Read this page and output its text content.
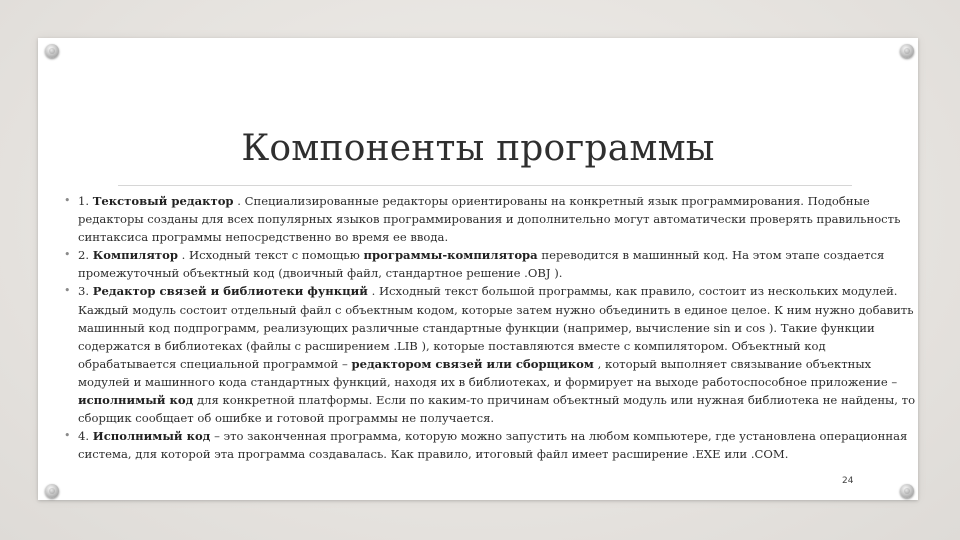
Компоненты программы

• 1. Текстовый редактор . Специализированные редакторы ориентированы на конкретный язык программирования. Подобные редакторы созданы для всех популярных языков программирования и дополнительно могут автоматически проверять правильность синтаксиса программы непосредственно во время ее ввода.

• 2. Компилятор . Исходный текст с помощью программы-компилятора переводится в машинный код. На этом этапе создается промежуточный объектный код (двоичный файл, стандартное решение .OBJ ).

• 3. Редактор связей и библиотеки функций . Исходный текст большой программы, как правило, состоит из нескольких модулей. Каждый модуль состоит отдельный файл с объектным кодом, которые затем нужно объединить в единое целое. К ним нужно добавить машинный код подпрограмм, реализующих различные стандартные функции (например, вычисление sin и cos ). Такие функции содержатся в библиотеках (файлы с расширением .LIB ), которые поставляются вместе с компилятором. Объектный код обрабатывается специальной программой – редактором связей или сборщиком , который выполняет связывание объектных модулей и машинного кода стандартных функций, находя их в библиотеках, и формирует на выходе работоспособное приложение – исполнимый код для конкретной платформы. Если по каким-то причинам объектный модуль или нужная библиотека не найдены, то сборщик сообщает об ошибке и готовой программы не получается.

• 4. Исполнимый код – это законченная программа, которую можно запустить на любом компьютере, где установлена операционная система, для которой эта программа создавалась. Как правило, итоговый файл имеет расширение .EXE или .COM.

24
